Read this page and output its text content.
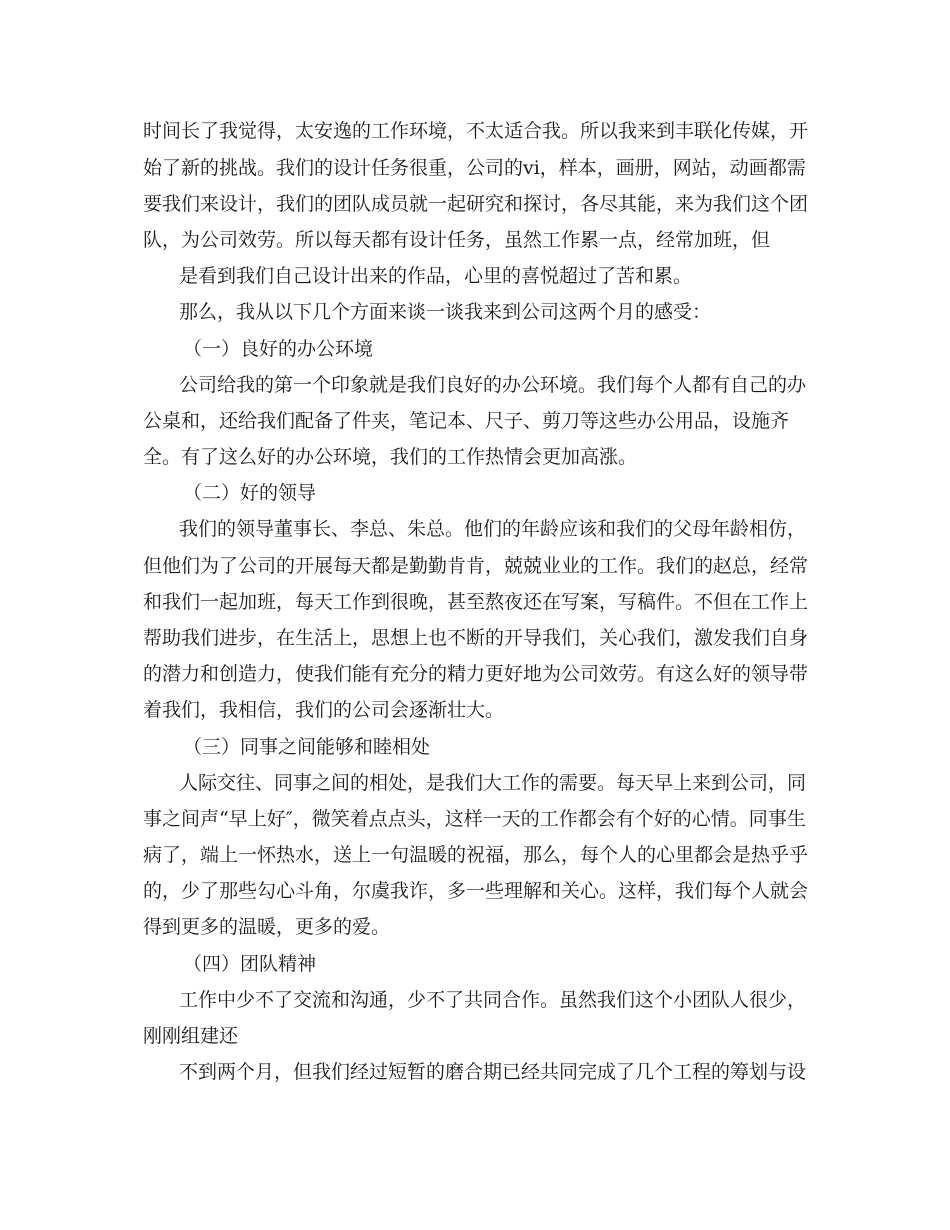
时间长了我觉得，太安逸的工作环境，不太适合我。所以我来到丰联化传媒，开
始了新的挑战。我们的设计任务很重，公司的vi，样本，画册，网站，动画都需
要我们来设计，我们的团队成员就一起研究和探讨，各尽其能，来为我们这个团
队，为公司效劳。所以每天都有设计任务，虽然工作累一点，经常加班，但
是看到我们自己设计出来的作品，心里的喜悦超过了苦和累。
那么，我从以下几个方面来谈一谈我来到公司这两个月的感受：
（一）良好的办公环境
公司给我的第一个印象就是我们良好的办公环境。我们每个人都有自己的办
公桌和，还给我们配备了件夹，笔记本、尺子、剪刀等这些办公用品，设施齐
全。有了这么好的办公环境，我们的工作热情会更加高涨。
（二）好的领导
我们的领导董事长、李总、朱总。他们的年龄应该和我们的父母年龄相仿，
但他们为了公司的开展每天都是勤勤肯肯，兢兢业业的工作。我们的赵总，经常
和我们一起加班，每天工作到很晚，甚至熬夜还在写案，写稿件。不但在工作上
帮助我们进步，在生活上，思想上也不断的开导我们，关心我们，激发我们自身
的潜力和创造力，使我们能有充分的精力更好地为公司效劳。有这么好的领导带
着我们，我相信，我们的公司会逐渐壮大。
（三）同事之间能够和睦相处
人际交往、同事之间的相处，是我们大工作的需要。每天早上来到公司，同
事之间声“早上好″，微笑着点点头，这样一天的工作都会有个好的心情。同事生
病了，端上一怀热水，送上一句温暖的祝福，那么，每个人的心里都会是热乎乎
的，少了那些勾心斗角，尔虞我诈，多一些理解和关心。这样，我们每个人就会
得到更多的温暖，更多的爱。
（四）团队精神
工作中少不了交流和沟通，少不了共同合作。虽然我们这个小团队人很少，
刚刚组建还
不到两个月，但我们经过短暂的磨合期已经共同完成了几个工程的筹划与设
